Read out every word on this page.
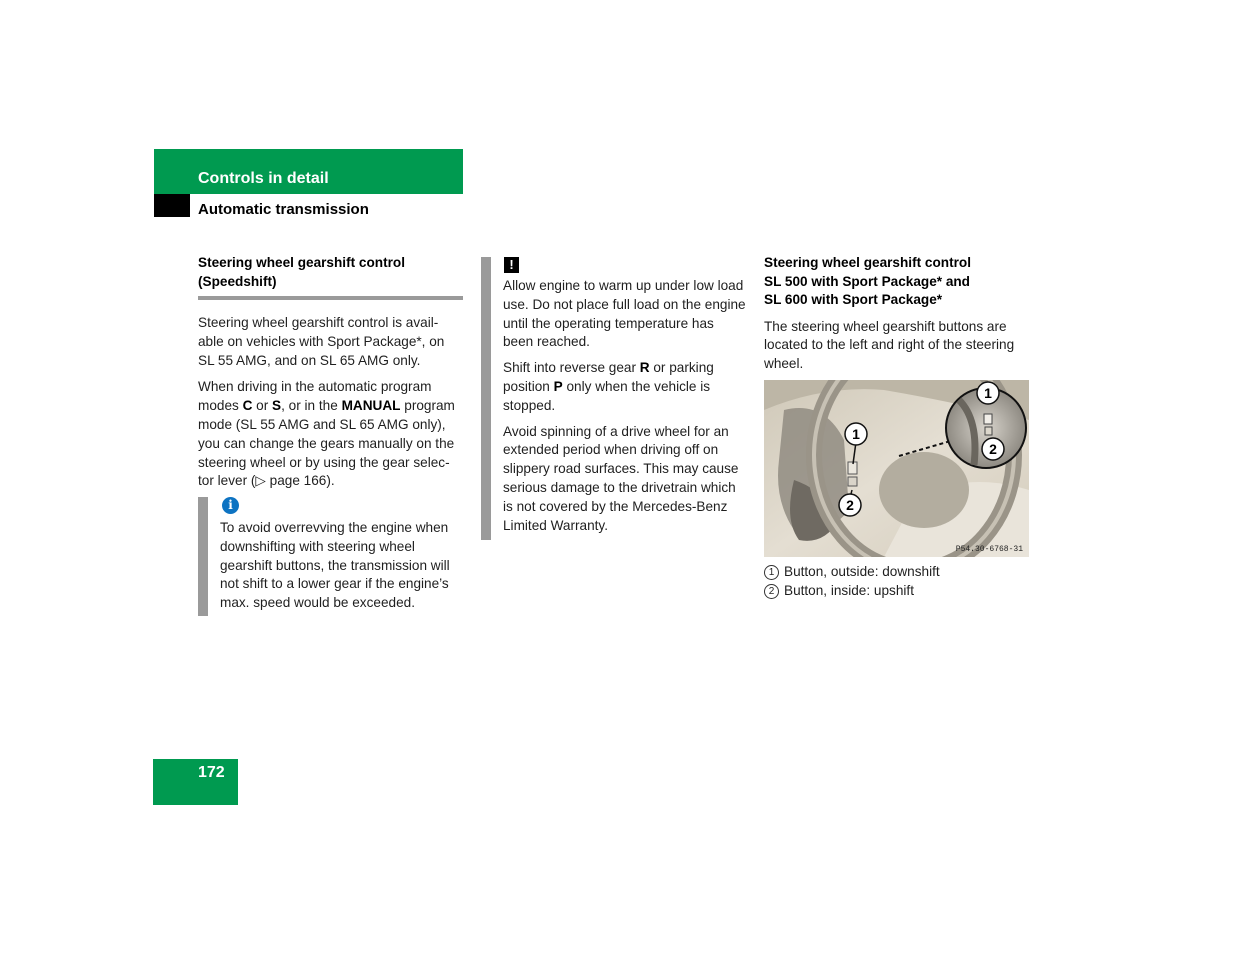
Controls in detail
Automatic transmission

Steering wheel gearshift control
(Speedshift)

Steering wheel gearshift control is avail-able on vehicles with Sport Package*, on SL 55 AMG, and on SL 65 AMG only.

When driving in the automatic program modes C or S, or in the MANUAL program mode (SL 55 AMG and SL 65 AMG only), you can change the gears manually on the steering wheel or by using the gear selec-tor lever (▷ page 166).

i

To avoid overrevving the engine when downshifting with steering wheel gearshift buttons, the transmission will not shift to a lower gear if the engine’s max. speed would be exceeded.

!

Allow engine to warm up under low load use. Do not place full load on the engine until the operating temperature has been reached.

Shift into reverse gear R or parking position P only when the vehicle is stopped.

Avoid spinning of a drive wheel for an extended period when driving off on slippery road surfaces. This may cause serious damage to the drivetrain which is not covered by the Mercedes-Benz Limited Warranty.

Steering wheel gearshift control
SL 500 with Sport Package* and
SL 600 with Sport Package*

The steering wheel gearshift buttons are located to the left and right of the steering wheel.

1
2
1
2
P54.30-6768-31
1 Button, outside: downshift
2 Button, inside: upshift
172
